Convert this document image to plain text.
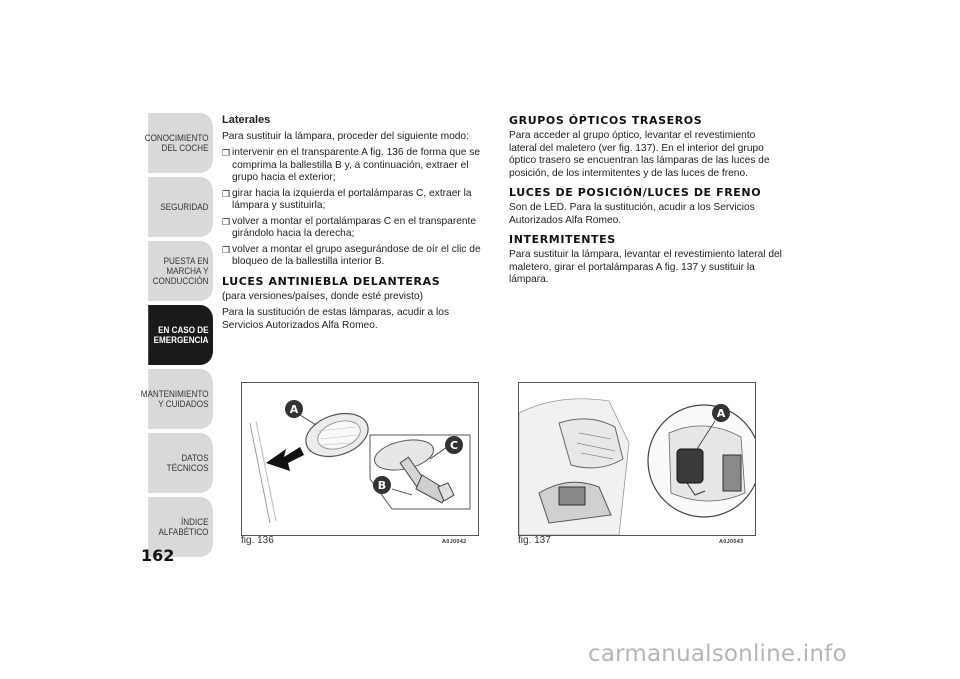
CONOCIMIENTO DEL COCHE
SEGURIDAD
PUESTA EN MARCHA Y CONDUCCIÓN
EN CASO DE EMERGENCIA
MANTENIMIENTO Y CUIDADOS
DATOS TÉCNICOS
ÍNDICE ALFABÉTICO
162
Laterales
Para sustituir la lámpara, proceder del siguiente modo:
❒ intervenir en el transparente A fig. 136 de forma que se comprima la ballestilla B y, a continuación, extraer el grupo hacia el exterior;
❒ girar hacia la izquierda el portalámparas C, extraer la lámpara y sustituirla;
❒ volver a montar el portalámparas C en el transparente girándolo hacia la derecha;
❒ volver a montar el grupo asegurándose de oír el clic de bloqueo de la ballestilla interior B.
LUCES ANTINIEBLA DELANTERAS
(para versiones/países, donde esté previsto)
Para la sustitución de estas lámparas, acudir a los Servicios Autorizados Alfa Romeo.
GRUPOS ÓPTICOS TRASEROS
Para acceder al grupo óptico, levantar el revestimiento lateral del maletero (ver fig. 137). En el interior del grupo óptico trasero se encuentran las lámparas de las luces de posición, de los intermitentes y de las luces de freno.
LUCES DE POSICIÓN/LUCES DE FRENO
Son de LED. Para la sustitución, acudir a los Servicios Autorizados Alfa Romeo.
INTERMITENTES
Para sustituir la lámpara, levantar el revestimiento lateral del maletero, girar el portalámparas A fig. 137 y sustituir la lámpara.
A
C
B
fig. 136	A0J0042
A
fig. 137	A0J0043
carmanualsonline.info
